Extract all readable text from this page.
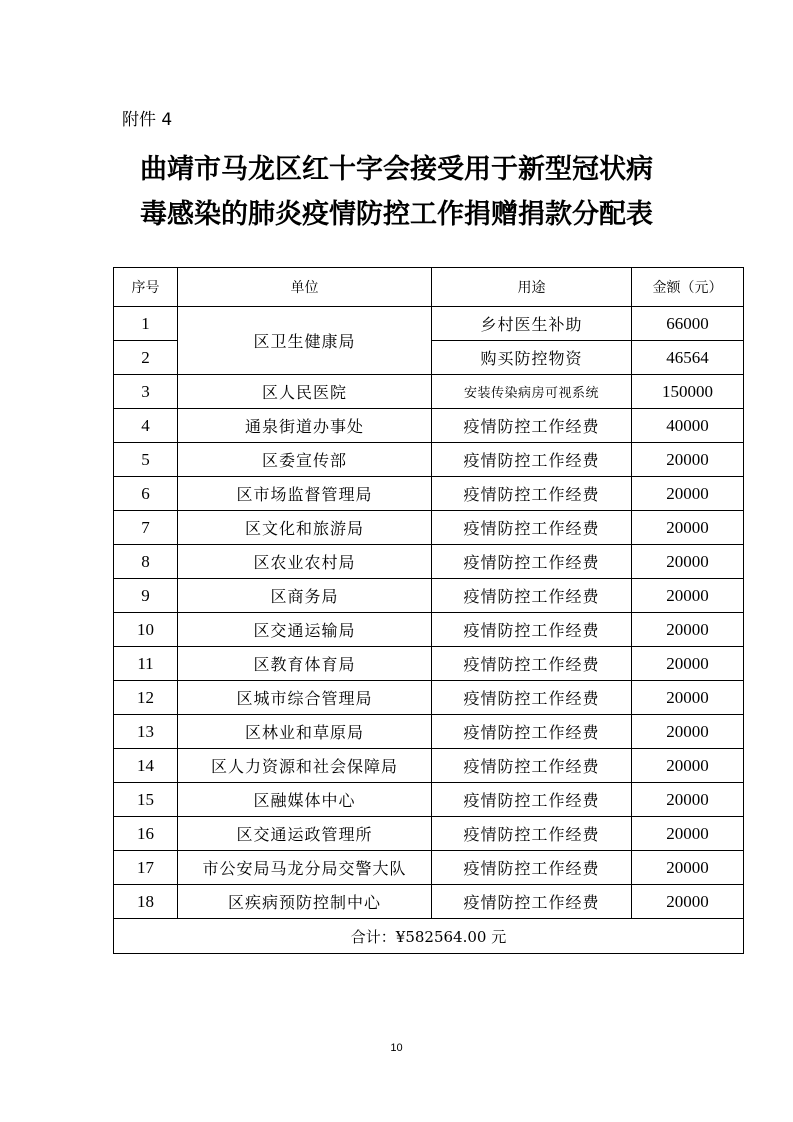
附件 4
曲靖市马龙区红十字会接受用于新型冠状病
毒感染的肺炎疫情防控工作捐赠捐款分配表
序号	单位	用途	金额（元）
1	区卫生健康局	乡村医生补助	66000
2		购买防控物资	46564
3	区人民医院	安装传染病房可视系统	150000
4	通泉街道办事处	疫情防控工作经费	40000
5	区委宣传部	疫情防控工作经费	20000
6	区市场监督管理局	疫情防控工作经费	20000
7	区文化和旅游局	疫情防控工作经费	20000
8	区农业农村局	疫情防控工作经费	20000
9	区商务局	疫情防控工作经费	20000
10	区交通运输局	疫情防控工作经费	20000
11	区教育体育局	疫情防控工作经费	20000
12	区城市综合管理局	疫情防控工作经费	20000
13	区林业和草原局	疫情防控工作经费	20000
14	区人力资源和社会保障局	疫情防控工作经费	20000
15	区融媒体中心	疫情防控工作经费	20000
16	区交通运政管理所	疫情防控工作经费	20000
17	市公安局马龙分局交警大队	疫情防控工作经费	20000
18	区疾病预防控制中心	疫情防控工作经费	20000
合计：¥582564.00 元			
10
